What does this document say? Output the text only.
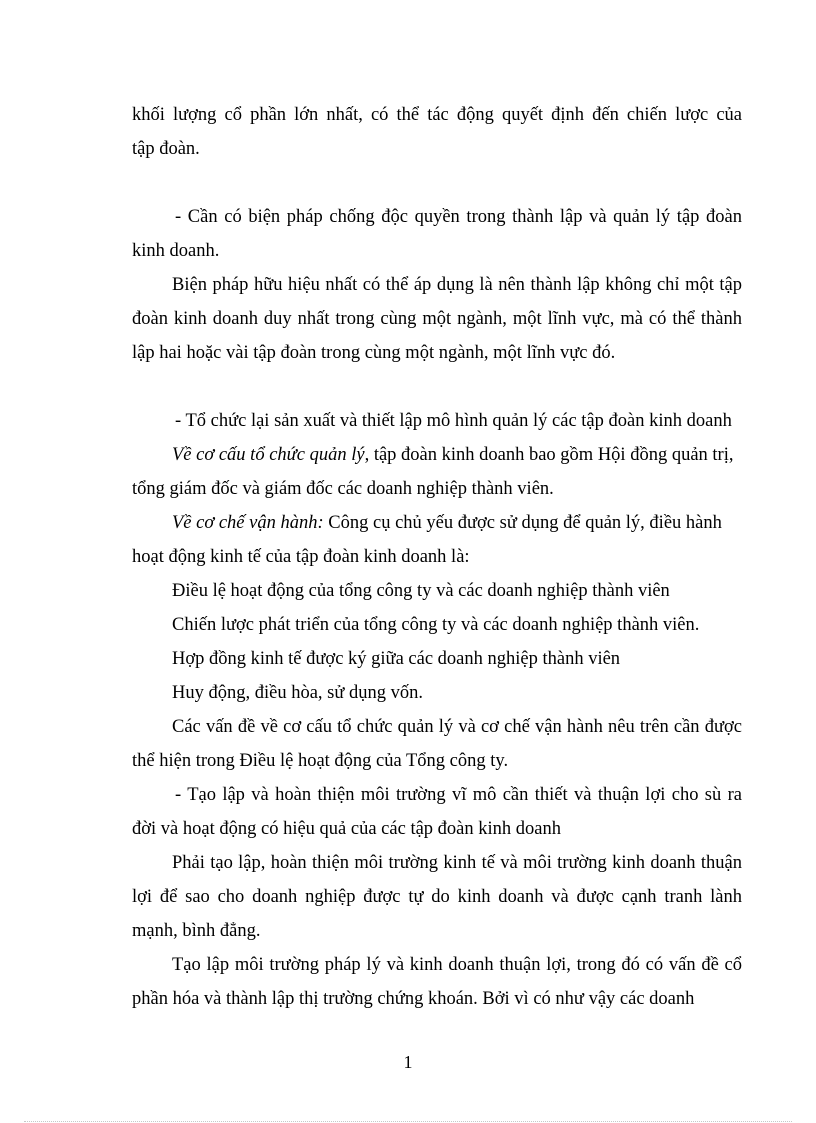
khối lượng cổ phần lớn nhất, có thể tác động quyết định đến chiến lược của
tập đoàn.
- Cần có biện pháp chống độc quyền trong thành lập và quản lý tập đoàn
kinh doanh.
Biện pháp hữu hiệu nhất có thể áp dụng là nên thành lập không chỉ một tập
đoàn kinh doanh duy nhất trong cùng một ngành, một lĩnh vực, mà có thể thành
lập hai hoặc vài tập đoàn trong cùng một ngành, một lĩnh vực đó.
- Tổ chức lại sản xuất và thiết lập mô hình quản lý các tập đoàn kinh doanh
Về cơ cấu tổ chức quản lý, tập đoàn kinh doanh bao gồm Hội đồng quản trị,
tổng giám đốc và giám đốc các doanh nghiệp thành viên.
Về cơ chế vận hành: Công cụ chủ yếu được sử dụng để quản lý, điều hành
hoạt động kinh tế của tập đoàn kinh doanh là:
Điều lệ hoạt động của tổng công ty và các doanh nghiệp thành viên
Chiến lược phát triển của tổng công ty và các doanh nghiệp thành viên.
Hợp đồng kinh tế được ký giữa các doanh nghiệp thành viên
Huy động, điều hòa, sử dụng vốn.
Các vấn đề về cơ cấu tổ chức quản lý và cơ chế vận hành nêu trên cần được
thể hiện trong Điều lệ hoạt động của Tổng công ty.
- Tạo lập và hoàn thiện môi trường vĩ mô cần thiết và thuận lợi cho sù ra
đời và hoạt động có hiệu quả của các tập đoàn kinh doanh
Phải tạo lập, hoàn thiện môi trường kinh tế và môi trường kinh doanh thuận
lợi để sao cho doanh nghiệp được tự do kinh doanh và được cạnh tranh lành
mạnh, bình đẳng.
Tạo lập môi trường pháp lý và kinh doanh thuận lợi, trong đó có vấn đề cổ
phần hóa và thành lập thị trường chứng khoán. Bởi vì có như vậy các doanh
1
